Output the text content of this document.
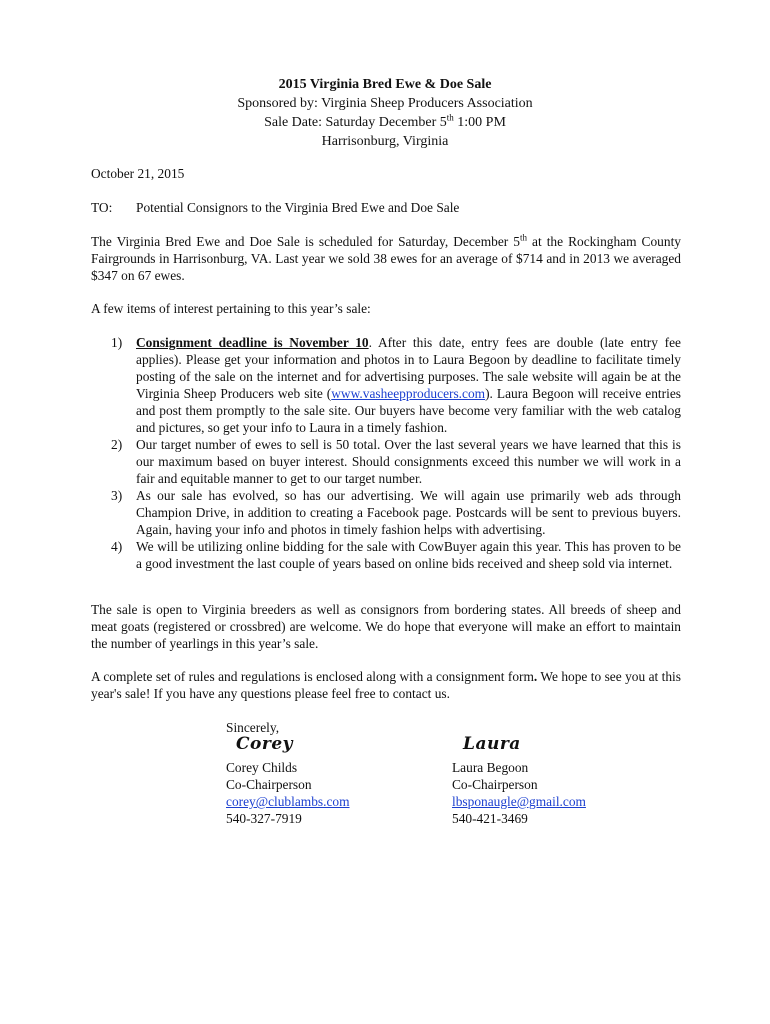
2015 Virginia Bred Ewe & Doe Sale
Sponsored by: Virginia Sheep Producers Association
Sale Date: Saturday December 5th 1:00 PM
Harrisonburg, Virginia
October 21, 2015
TO: Potential Consignors to the Virginia Bred Ewe and Doe Sale
The Virginia Bred Ewe and Doe Sale is scheduled for Saturday, December 5th at the Rockingham County Fairgrounds in Harrisonburg, VA. Last year we sold 38 ewes for an average of $714 and in 2013 we averaged $347 on 67 ewes.
A few items of interest pertaining to this year’s sale:
1) Consignment deadline is November 10. After this date, entry fees are double (late entry fee applies). Please get your information and photos in to Laura Begoon by deadline to facilitate timely posting of the sale on the internet and for advertising purposes. The sale website will again be at the Virginia Sheep Producers web site (www.vasheepproducers.com). Laura Begoon will receive entries and post them promptly to the sale site. Our buyers have become very familiar with the web catalog and pictures, so get your info to Laura in a timely fashion.
2) Our target number of ewes to sell is 50 total. Over the last several years we have learned that this is our maximum based on buyer interest. Should consignments exceed this number we will work in a fair and equitable manner to get to our target number.
3) As our sale has evolved, so has our advertising. We will again use primarily web ads through Champion Drive, in addition to creating a Facebook page. Postcards will be sent to previous buyers. Again, having your info and photos in timely fashion helps with advertising.
4) We will be utilizing online bidding for the sale with CowBuyer again this year. This has proven to be a good investment the last couple of years based on online bids received and sheep sold via internet.
The sale is open to Virginia breeders as well as consignors from bordering states. All breeds of sheep and meat goats (registered or crossbred) are welcome. We do hope that everyone will make an effort to maintain the number of yearlings in this year’s sale.
A complete set of rules and regulations is enclosed along with a consignment form. We hope to see you at this year's sale! If you have any questions please feel free to contact us.
Sincerely,
Corey	Laura
Corey Childs
Co-Chairperson
corey@clublambs.com
540-327-7919
Laura Begoon
Co-Chairperson
lbsponaugle@gmail.com
540-421-3469
